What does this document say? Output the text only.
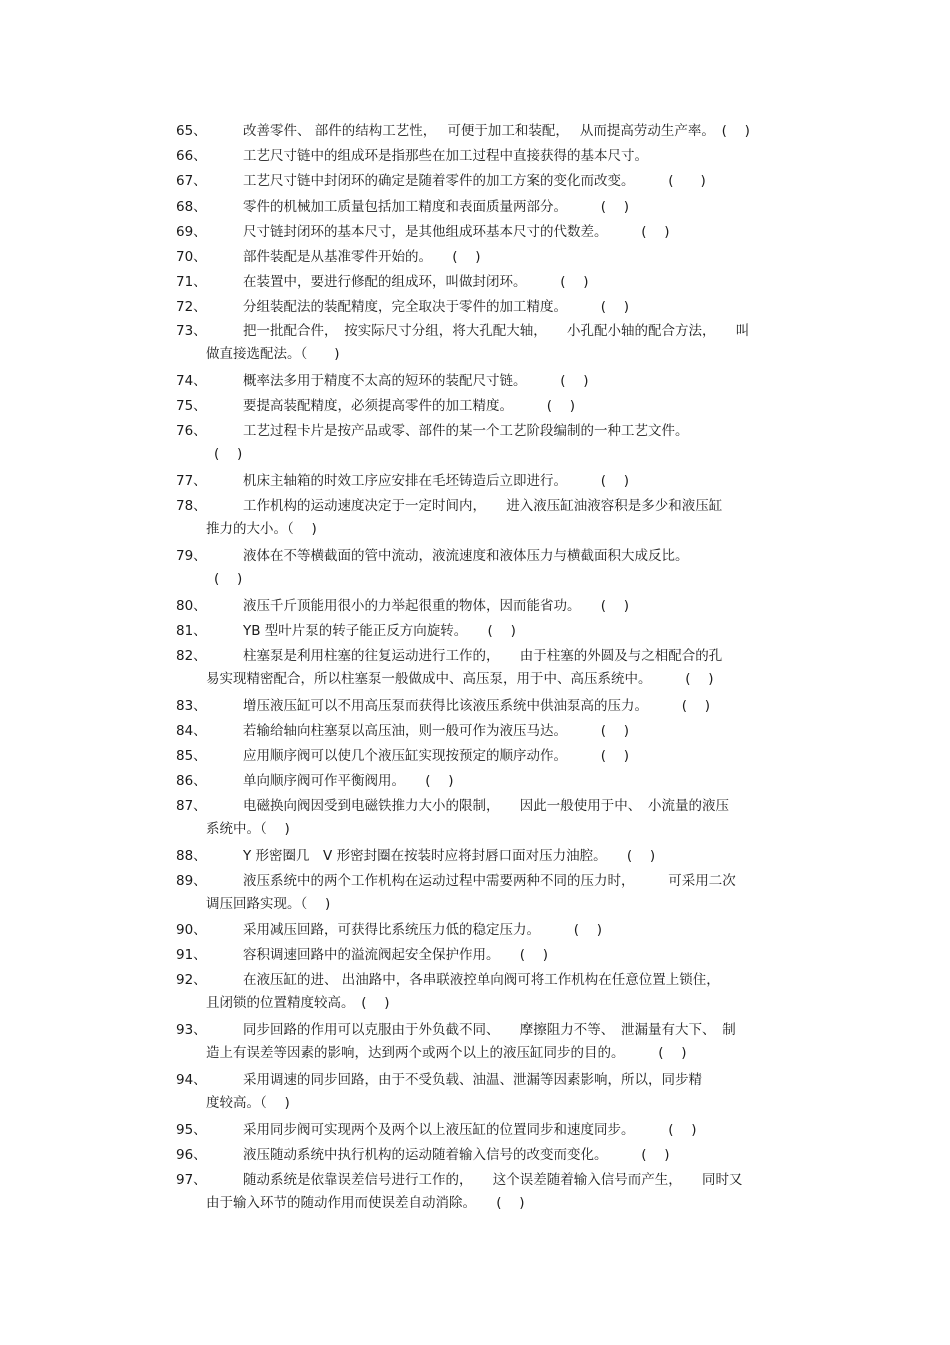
65、	改善零件、 部件的结构工艺性，　 可便于加工和装配，　 从而提高劳动生产率。　(　 )
66、	工艺尺寸链中的组成环是指那些在加工过程中直接获得的基本尺寸。
67、	工艺尺寸链中封闭环的确定是随着零件的加工方案的变化而改变。　　　(　　)
68、	零件的机械加工质量包括加工精度和表面质量两部分。　　　(　 )
69、	尺寸链封闭环的基本尺寸，是其他组成环基本尺寸的代数差。　　　(　 )
70、	部件装配是从基准零件开始的。　　(　 )
71、	在装置中，要进行修配的组成环，叫做封闭环。　　　(　 )
72、	分组装配法的装配精度，完全取决于零件的加工精度。　　　(　 )
73、	把一批配合件，　按实际尺寸分组，将大孔配大轴，　　小孔配小轴的配合方法，　　叫
做直接选配法。（　　)
74、	概率法多用于精度不太高的短环的装配尺寸链。　　　(　 )
75、	要提高装配精度，必须提高零件的加工精度。　　　(　 )
76、	工艺过程卡片是按产品或零、部件的某一个工艺阶段编制的一种工艺文件。
(　 )
77、	机床主轴箱的时效工序应安排在毛坯铸造后立即进行。　　　(　 )
78、	工作机构的运动速度决定于一定时间内，　　进入液压缸油液容积是多少和液压缸
推力的大小。（　 )
79、	液体在不等横截面的管中流动，液流速度和液体压力与横截面积大成反比。
(　 )
80、	液压千斤顶能用很小的力举起很重的物体，因而能省功。　　(　 )
81、	YB 型叶片泵的转子能正反方向旋转。　　(　 )
82、	柱塞泵是利用柱塞的往复运动进行工作的，　　由于柱塞的外圆及与之相配合的孔
易实现精密配合，所以柱塞泵一般做成中、高压泵，用于中、高压系统中。　　　(　 )
83、	增压液压缸可以不用高压泵而获得比该液压系统中供油泵高的压力。　　　(　 )
84、	若输给轴向柱塞泵以高压油，则一般可作为液压马达。　　　(　 )
85、	应用顺序阀可以使几个液压缸实现按预定的顺序动作。　　　(　 )
86、	单向顺序阀可作平衡阀用。　　(　 )
87、	电磁换向阀因受到电磁铁推力大小的限制，　　因此一般使用于中、　小流量的液压
系统中。（　 )
88、	Y 形密圈几　V 形密封圈在按装时应将封唇口面对压力油腔。　　(　 )
89、	液压系统中的两个工作机构在运动过程中需要两种不同的压力时，　　　可采用二次
调压回路实现。（　 )
90、	采用减压回路，可获得比系统压力低的稳定压力。　　　(　 )
91、	容积调速回路中的溢流阀起安全保护作用。　　(　 )
92、	在液压缸的进、 出油路中，各串联液控单向阀可将工作机构在任意位置上锁住，
且闭锁的位置精度较高。　(　 )
93、	同步回路的作用可以克服由于外负截不同、　　摩擦阻力不等、　泄漏量有大下、　制
造上有误差等因素的影响，达到两个或两个以上的液压缸同步的目的。　　　(　 )
94、	采用调速的同步回路，由于不受负载、油温、泄漏等因素影响，所以，同步精
度较高。（　 )
95、	采用同步阀可实现两个及两个以上液压缸的位置同步和速度同步。　　　(　 )
96、	液压随动系统中执行机构的运动随着输入信号的改变而变化。　　　(　 )
97、	随动系统是依靠误差信号进行工作的，　　这个误差随着输入信号而产生，　　同时又
由于输入环节的随动作用而使误差自动消除。　　(　 )
